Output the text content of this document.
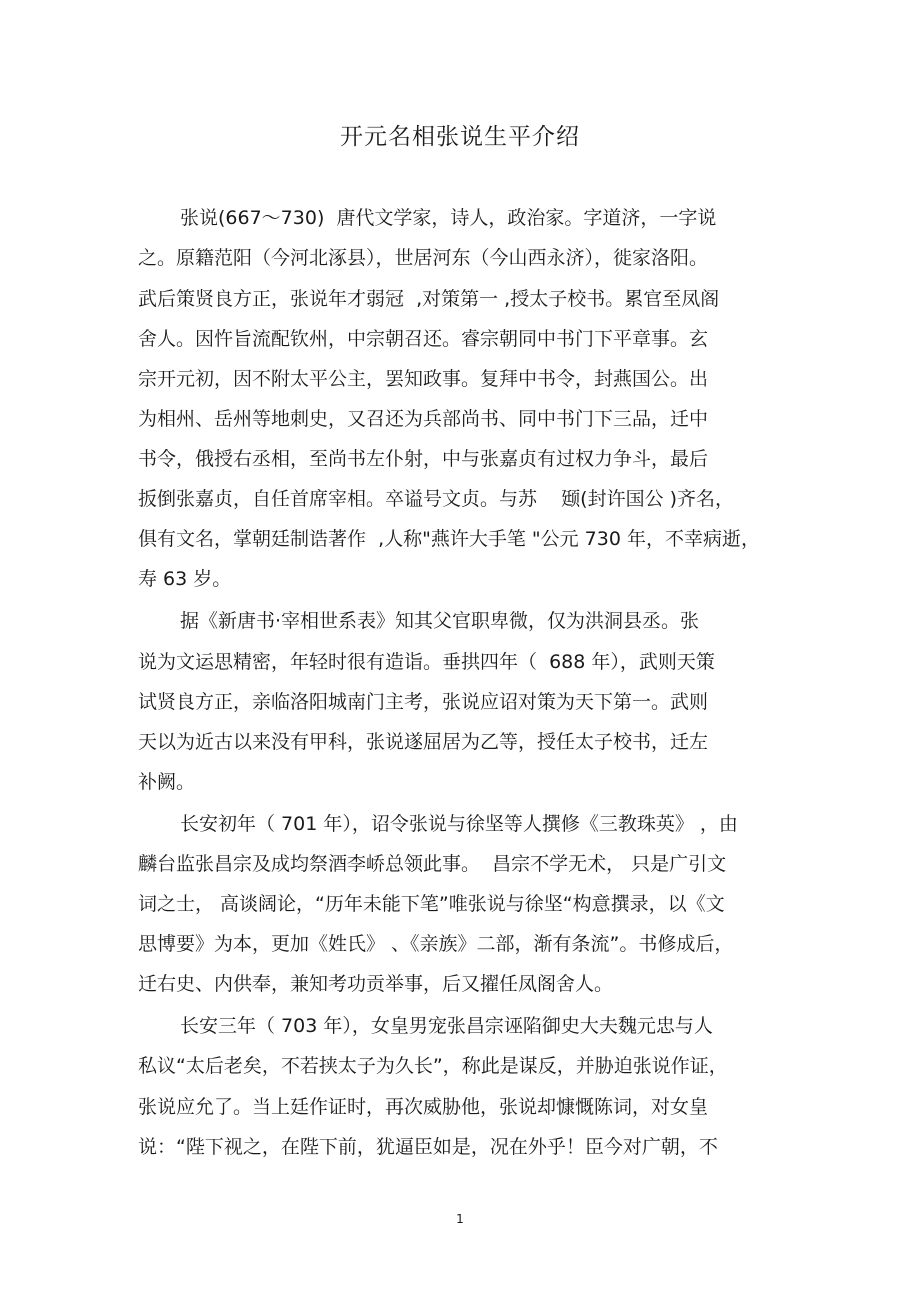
开元名相张说生平介绍

张说(667～730)  唐代文学家，诗人，政治家。字道济，一字说

之。原籍范阳（今河北涿县），世居河东（今山西永济），徙家洛阳。

武后策贤良方正，张说年才弱冠  ,对策第一 ,授太子校书。累官至凤阁

舍人。因忤旨流配钦州，中宗朝召还。睿宗朝同中书门下平章事。玄

宗开元初，因不附太平公主，罢知政事。复拜中书令，封燕国公。出

为相州、岳州等地刺史，又召还为兵部尚书、同中书门下三品，迁中

书令，俄授右丞相，至尚书左仆射，中与张嘉贞有过权力争斗，最后

扳倒张嘉贞，自任首席宰相。卒谥号文贞。与苏    颋(封许国公 )齐名，

俱有文名，掌朝廷制诰著作  ,人称"燕许大手笔 "公元 730 年，不幸病逝，

寿 63 岁。

据《新唐书·宰相世系表》知其父官职卑微，仅为洪洞县丞。张

说为文运思精密，年轻时很有造诣。垂拱四年（  688 年），武则天策

试贤良方正，亲临洛阳城南门主考，张说应诏对策为天下第一。武则

天以为近古以来没有甲科，张说遂屈居为乙等，授任太子校书，迁左

补阙。

长安初年（ 701 年），诏令张说与徐坚等人撰修《三教珠英》 ，由

麟台监张昌宗及成均祭酒李峤总领此事。  昌宗不学无术， 只是广引文

词之士， 高谈阔论，“历年未能下笔”唯张说与徐坚“构意撰录，以《文

思博要》为本，更加《姓氏》 、《亲族》二部，渐有条流”。书修成后，

迁右史、内供奉，兼知考功贡举事，后又擢任凤阁舍人。

长安三年（ 703 年），女皇男宠张昌宗诬陷御史大夫魏元忠与人

私议“太后老矣，不若挟太子为久长”，称此是谋反，并胁迫张说作证，

张说应允了。当上廷作证时，再次威胁他，张说却慷慨陈词，对女皇

说：“陛下视之，在陛下前，犹逼臣如是，况在外乎！臣今对广朝，不

1
